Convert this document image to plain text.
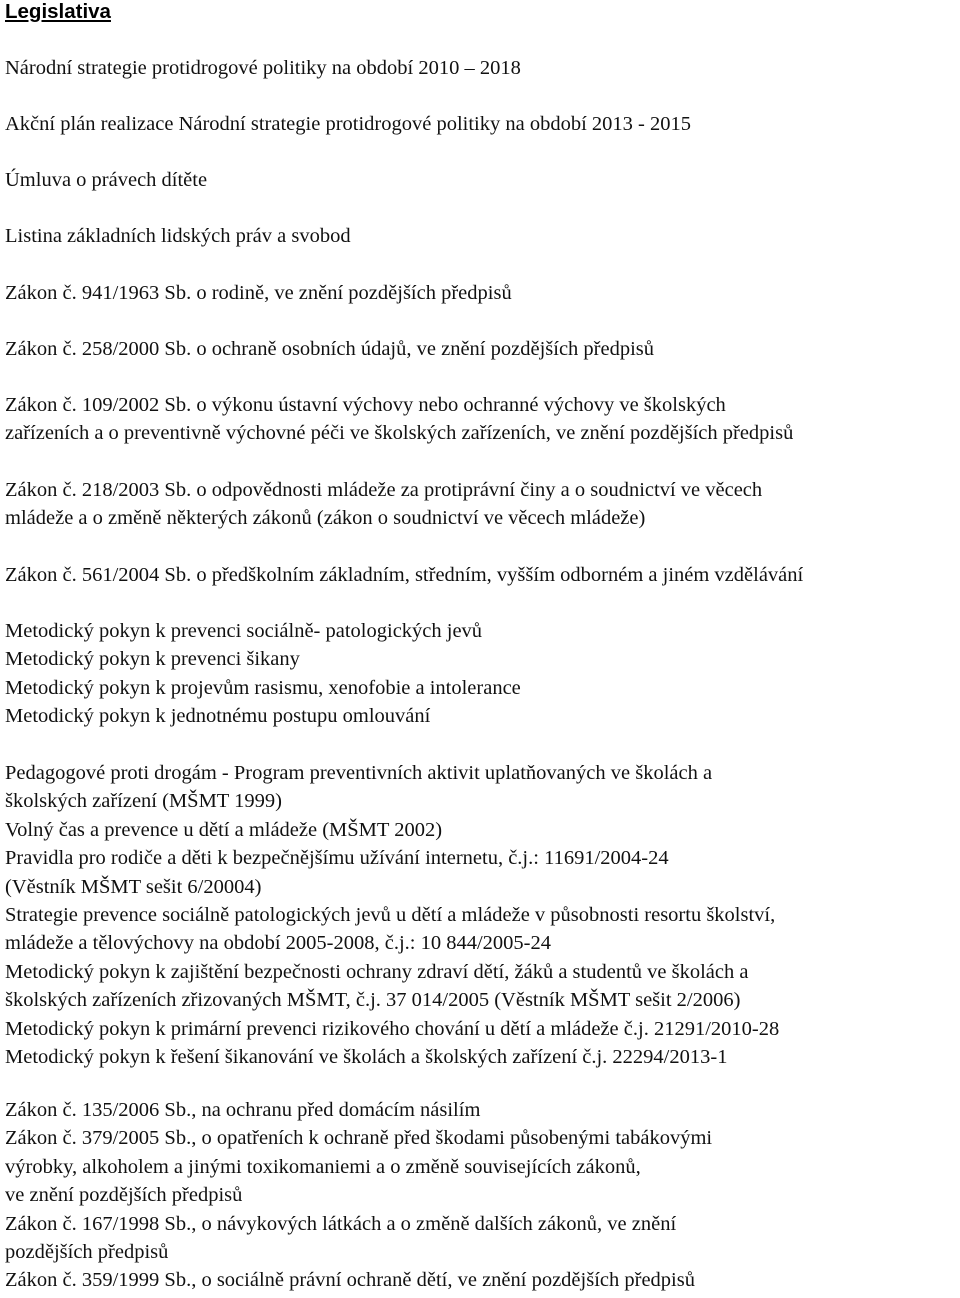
Legislativa
Národní strategie protidrogové politiky na období 2010 – 2018
Akční plán realizace Národní strategie protidrogové politiky na období 2013 - 2015
Úmluva o právech dítěte
Listina základních lidských práv a svobod
Zákon č. 941/1963 Sb. o rodině, ve znění pozdějších předpisů
Zákon č. 258/2000 Sb. o ochraně osobních údajů, ve znění pozdějších předpisů
Zákon č. 109/2002 Sb. o výkonu ústavní výchovy nebo ochranné výchovy ve školských
zařízeních a o preventivně výchovné péči ve školských zařízeních, ve znění pozdějších předpisů
Zákon č. 218/2003 Sb. o odpovědnosti mládeže za protiprávní činy a o soudnictví ve věcech
mládeže a o změně některých zákonů (zákon o soudnictví ve věcech mládeže)
Zákon č. 561/2004 Sb. o předškolním základním, středním, vyšším odborném a jiném vzdělávání
Metodický pokyn k prevenci sociálně- patologických jevů
Metodický pokyn k prevenci šikany
Metodický pokyn k projevům rasismu, xenofobie a intolerance
Metodický pokyn k jednotnému postupu omlouvání
Pedagogové proti drogám - Program preventivních aktivit uplatňovaných ve školách a
školských zařízení (MŠMT 1999)
Volný čas a prevence u dětí a mládeže (MŠMT 2002)
Pravidla pro rodiče a děti k bezpečnějšímu užívání internetu, č.j.: 11691/2004-24
(Věstník MŠMT sešit 6/20004)
Strategie prevence sociálně patologických jevů u dětí a mládeže v působnosti resortu školství,
mládeže a tělovýchovy na období 2005-2008, č.j.: 10 844/2005-24
Metodický pokyn k zajištění bezpečnosti ochrany zdraví dětí, žáků a studentů ve školách a
školských zařízeních zřizovaných MŠMT, č.j. 37 014/2005 (Věstník MŠMT sešit 2/2006)
Metodický pokyn k primární prevenci rizikového chování u dětí a mládeže č.j. 21291/2010-28
Metodický pokyn k řešení šikanování ve školách a školských zařízení č.j. 22294/2013-1
Zákon č. 135/2006 Sb., na ochranu před domácím násilím
Zákon č. 379/2005 Sb., o opatřeních k ochraně před škodami působenými tabákovými
výrobky, alkoholem a jinými toxikomaniemi a o změně souvisejících zákonů,
ve znění pozdějších předpisů
Zákon č. 167/1998 Sb., o návykových látkách a o změně dalších zákonů, ve znění
pozdějších předpisů
Zákon č. 359/1999 Sb., o sociálně právní ochraně dětí, ve znění pozdějších předpisů
